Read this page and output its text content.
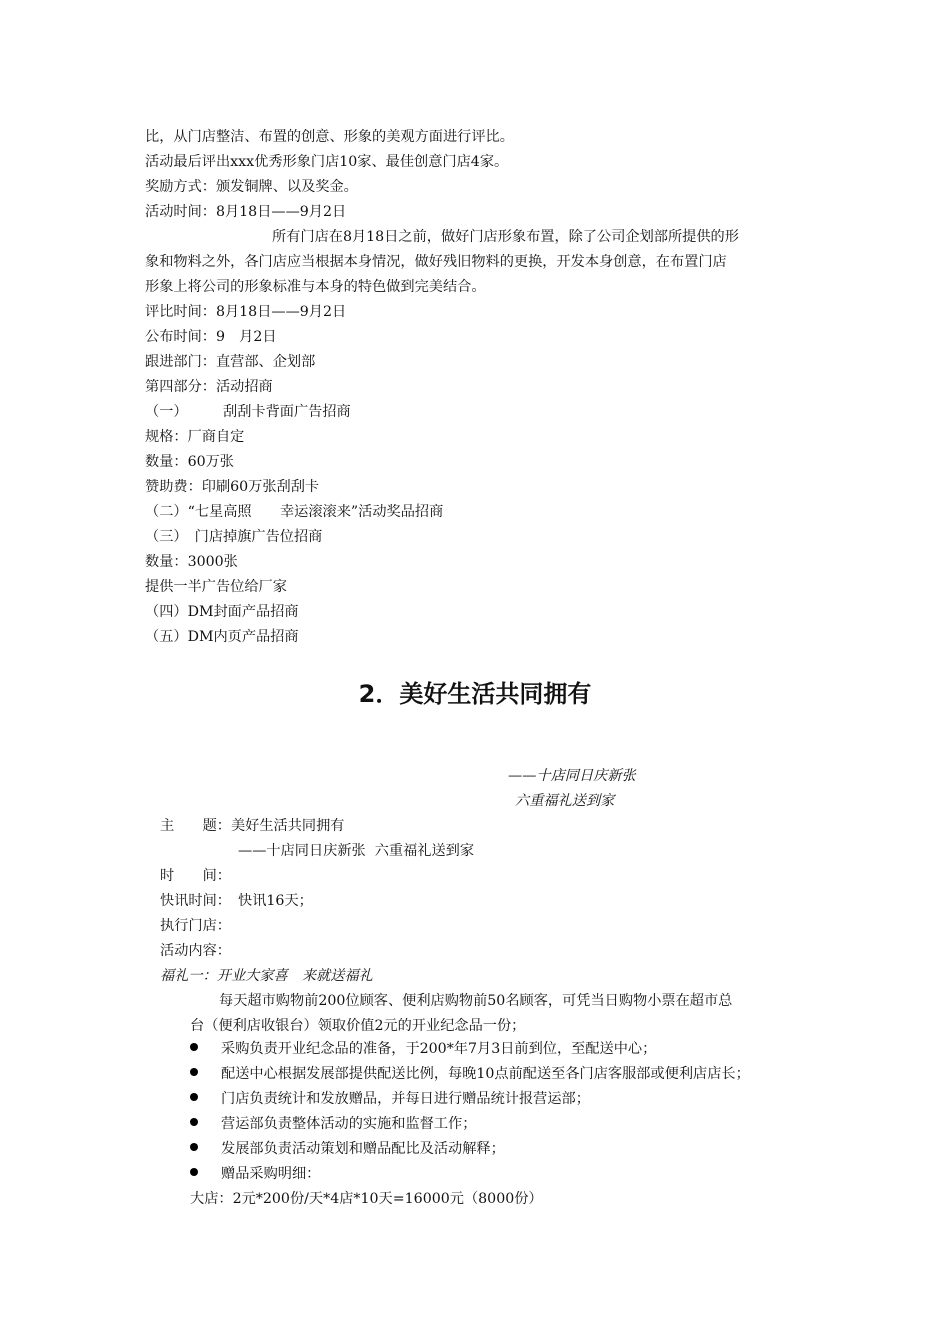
比，从门店整洁、布置的创意、形象的美观方面进行评比。
活动最后评出xxx优秀形象门店10家、最佳创意门店4家。
奖励方式：颁发铜牌、以及奖金。
活动时间：8月18日——9月2日
所有门店在8月18日之前，做好门店形象布置，除了公司企划部所提供的形
象和物料之外，各门店应当根据本身情况，做好残旧物料的更换，开发本身创意，在布置门店
形象上将公司的形象标准与本身的特色做到完美结合。
评比时间：8月18日——9月2日
公布时间：9　月2日
跟进部门：直营部、企划部
第四部分：活动招商
（一）　　　刮刮卡背面广告招商
规格：厂商自定
数量：60万张
赞助费：印刷60万张刮刮卡
（二）“七星高照　　幸运滚滚来”活动奖品招商
（三）　门店掉旗广告位招商
数量：3000张
提供一半广告位给厂家
（四）DM封面产品招商
（五）DM内页产品招商
2．美好生活共同拥有
——十店同日庆新张
六重福礼送到家
主　　题：美好生活共同拥有
——十店同日庆新张  六重福礼送到家
时　　间：
快讯时间：　快讯16天；
执行门店：
活动内容：
福礼一：开业大家喜　来就送福礼
每天超市购物前200位顾客、便利店购物前50名顾客，可凭当日购物小票在超市总
台（便利店收银台）领取价值2元的开业纪念品一份；
采购负责开业纪念品的准备，于200*年7月3日前到位，至配送中心；
配送中心根据发展部提供配送比例，每晚10点前配送至各门店客服部或便利店店长；
门店负责统计和发放赠品，并每日进行赠品统计报营运部；
营运部负责整体活动的实施和监督工作；
发展部负责活动策划和赠品配比及活动解释；
赠品采购明细：
大店：2元*200份/天*4店*10天=16000元（8000份）
